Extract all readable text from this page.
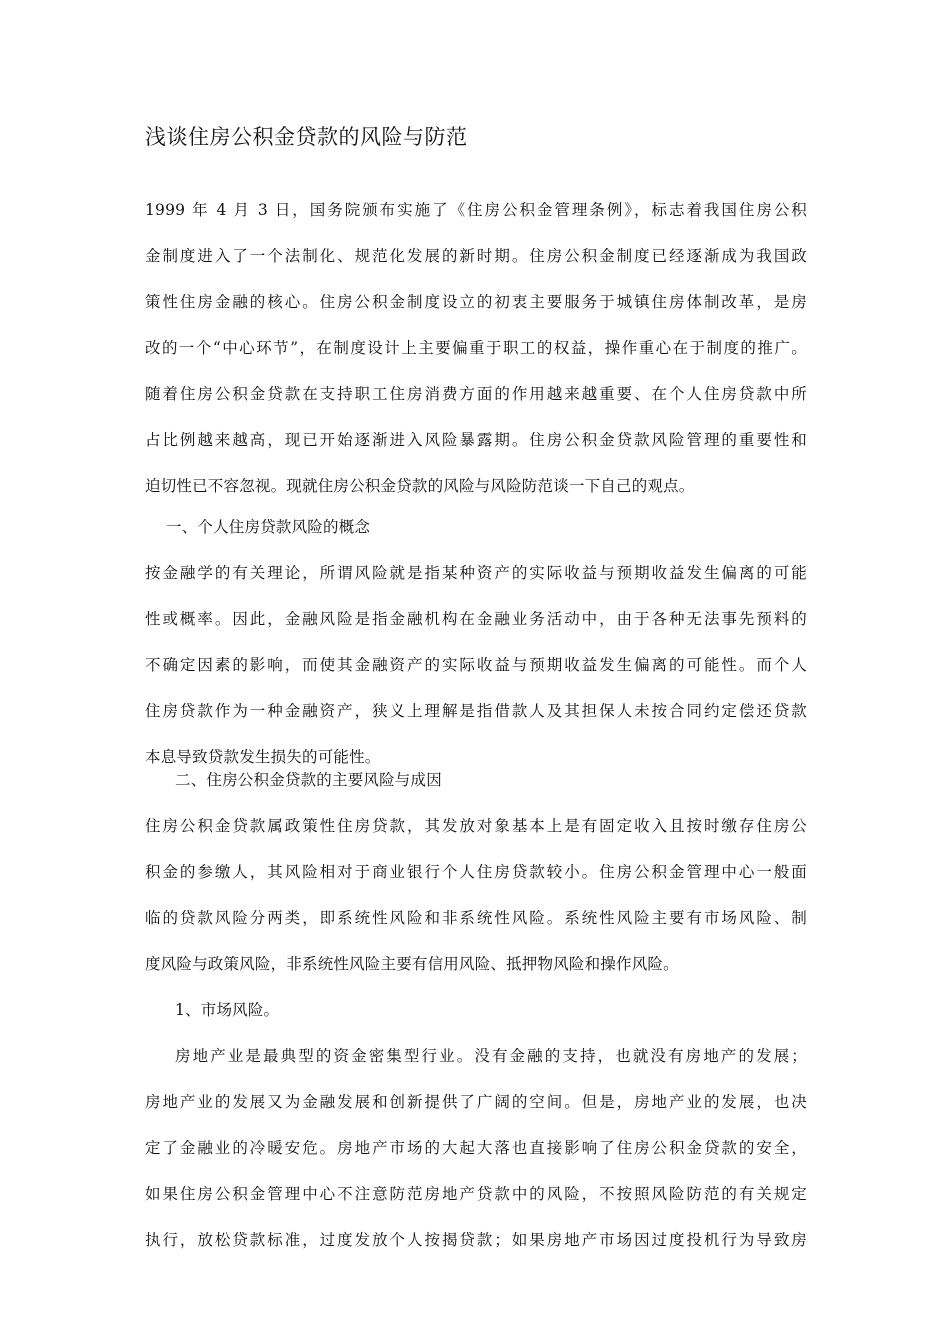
浅谈住房公积金贷款的风险与防范
1999 年 4 月 3 日，国务院颁布实施了《住房公积金管理条例》，标志着我国住房公积
金制度进入了一个法制化、规范化发展的新时期。住房公积金制度已经逐渐成为我国政
策性住房金融的核心。住房公积金制度设立的初衷主要服务于城镇住房体制改革，是房
改的一个“中心环节”，在制度设计上主要偏重于职工的权益，操作重心在于制度的推广。
随着住房公积金贷款在支持职工住房消费方面的作用越来越重要、在个人住房贷款中所
占比例越来越高，现已开始逐渐进入风险暴露期。住房公积金贷款风险管理的重要性和
迫切性已不容忽视。现就住房公积金贷款的风险与风险防范谈一下自己的观点。
一、个人住房贷款风险的概念
按金融学的有关理论，所谓风险就是指某种资产的实际收益与预期收益发生偏离的可能
性或概率。因此，金融风险是指金融机构在金融业务活动中，由于各种无法事先预料的
不确定因素的影响，而使其金融资产的实际收益与预期收益发生偏离的可能性。而个人
住房贷款作为一种金融资产，狭义上理解是指借款人及其担保人未按合同约定偿还贷款
本息导致贷款发生损失的可能性。
二、住房公积金贷款的主要风险与成因
住房公积金贷款属政策性住房贷款，其发放对象基本上是有固定收入且按时缴存住房公
积金的参缴人，其风险相对于商业银行个人住房贷款较小。住房公积金管理中心一般面
临的贷款风险分两类，即系统性风险和非系统性风险。系统性风险主要有市场风险、制
度风险与政策风险，非系统性风险主要有信用风险、抵押物风险和操作风险。
1、市场风险。
房地产业是最典型的资金密集型行业。没有金融的支持，也就没有房地产的发展；
房地产业的发展又为金融发展和创新提供了广阔的空间。但是，房地产业的发展，也决
定了金融业的冷暖安危。房地产市场的大起大落也直接影响了住房公积金贷款的安全，
如果住房公积金管理中心不注意防范房地产贷款中的风险，不按照风险防范的有关规定
执行，放松贷款标准，过度发放个人按揭贷款；如果房地产市场因过度投机行为导致房
